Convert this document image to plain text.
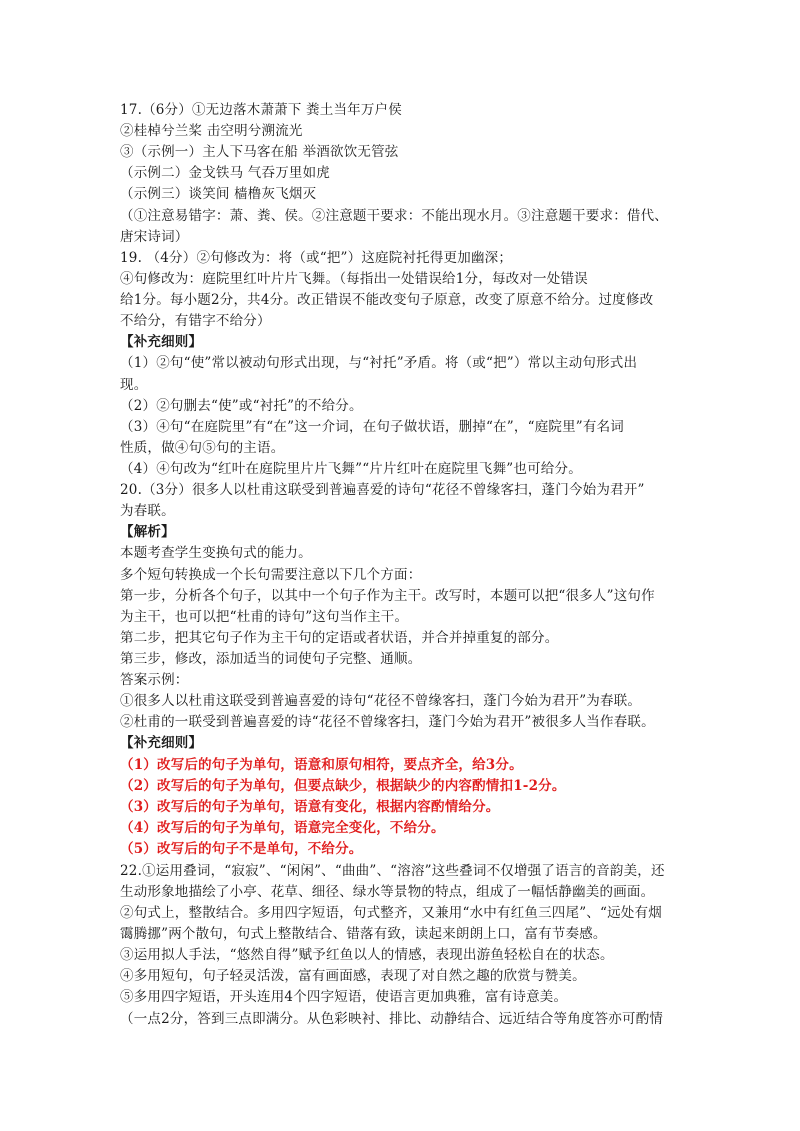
17.（6分）①无边落木萧萧下 粪土当年万户侯
②桂棹兮兰桨 击空明兮溯流光
③（示例一）主人下马客在船 举酒欲饮无管弦
（示例二）金戈铁马 气吞万里如虎
（示例三）谈笑间 樯橹灰飞烟灭
（①注意易错字：萧、粪、侯。②注意题干要求：不能出现水月。③注意题干要求：借代、
唐宋诗词）
19. （4分）②句修改为：将（或“把”）这庭院衬托得更加幽深；
④句修改为：庭院里红叶片片飞舞。（每指出一处错误给1分，每改对一处错误
给1分。每小题2分，共4分。改正错误不能改变句子原意，改变了原意不给分。过度修改
不给分，有错字不给分）
【补充细则】
（1）②句“使”常以被动句形式出现，与“衬托”矛盾。将（或“把”）常以主动句形式出
现。
（2）②句删去“使”或“衬托”的不给分。
（3）④句“在庭院里”有“在”这一介词，在句子做状语，删掉“在”，“庭院里”有名词
性质，做④句⑤句的主语。
（4）④句改为“红叶在庭院里片片飞舞”“片片红叶在庭院里飞舞”也可给分。
20.（3分）很多人以杜甫这联受到普遍喜爱的诗句“花径不曾缘客扫，蓬门今始为君开”
为春联。
【解析】
本题考查学生变换句式的能力。
多个短句转换成一个长句需要注意以下几个方面：
第一步，分析各个句子，以其中一个句子作为主干。改写时，本题可以把“很多人”这句作
为主干，也可以把“杜甫的诗句”这句当作主干。
第二步，把其它句子作为主干句的定语或者状语，并合并掉重复的部分。
第三步，修改，添加适当的词使句子完整、通顺。
答案示例：
①很多人以杜甫这联受到普遍喜爱的诗句“花径不曾缘客扫，蓬门今始为君开”为春联。
②杜甫的一联受到普遍喜爱的诗“花径不曾缘客扫，蓬门今始为君开”被很多人当作春联。
【补充细则】
（1）改写后的句子为单句，语意和原句相符，要点齐全，给3分。
（2）改写后的句子为单句，但要点缺少，根据缺少的内容酌情扣1-2分。
（3）改写后的句子为单句，语意有变化，根据内容酌情给分。
（4）改写后的句子为单句，语意完全变化，不给分。
（5）改写后的句子不是单句，不给分。
22.①运用叠词，“寂寂”、“闲闲”、“曲曲”、“溶溶”这些叠词不仅增强了语言的音韵美，还
生动形象地描绘了小亭、花草、细径、绿水等景物的特点，组成了一幅恬静幽美的画面。
②句式上，整散结合。多用四字短语，句式整齐，又兼用“水中有红鱼三四尾”、“远处有烟
霭腾挪”两个散句，句式上整散结合、错落有致，读起来朗朗上口，富有节奏感。
③运用拟人手法，“悠然自得”赋予红鱼以人的情感，表现出游鱼轻松自在的状态。
④多用短句，句子轻灵活泼，富有画面感，表现了对自然之趣的欣赏与赞美。
⑤多用四字短语，开头连用4个四字短语，使语言更加典雅，富有诗意美。
（一点2分，答到三点即满分。从色彩映衬、排比、动静结合、远近结合等角度答亦可酌情
